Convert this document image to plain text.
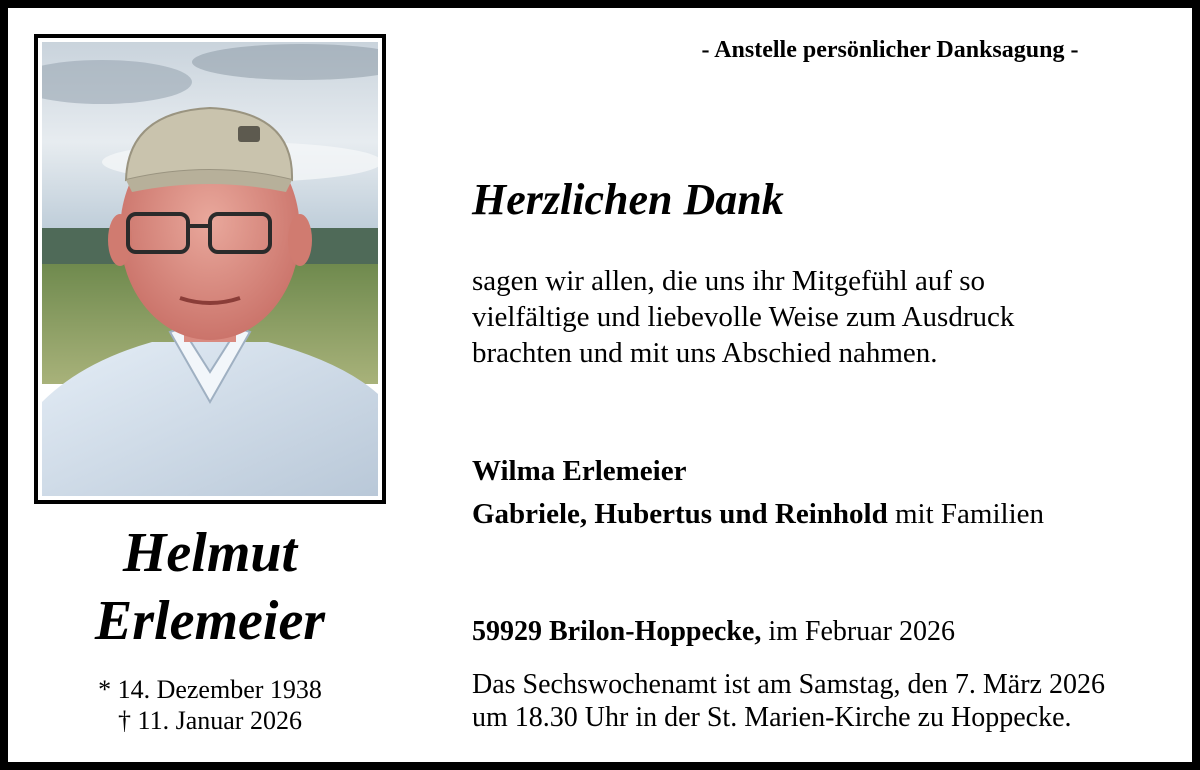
Helmut
Erlemeier
* 14. Dezember 1938
† 11. Januar 2026
- Anstelle persönlicher Danksagung -
Herzlichen Dank
sagen wir allen, die uns ihr Mitgefühl auf so
vielfältige und liebevolle Weise zum Ausdruck
brachten und mit uns Abschied nahmen.
Wilma Erlemeier
Gabriele, Hubertus und Reinhold mit Familien
59929 Brilon-Hoppecke, im Februar 2026
Das Sechswochenamt ist am Samstag, den 7. März 2026
um 18.30 Uhr in der St. Marien-Kirche zu Hoppecke.
